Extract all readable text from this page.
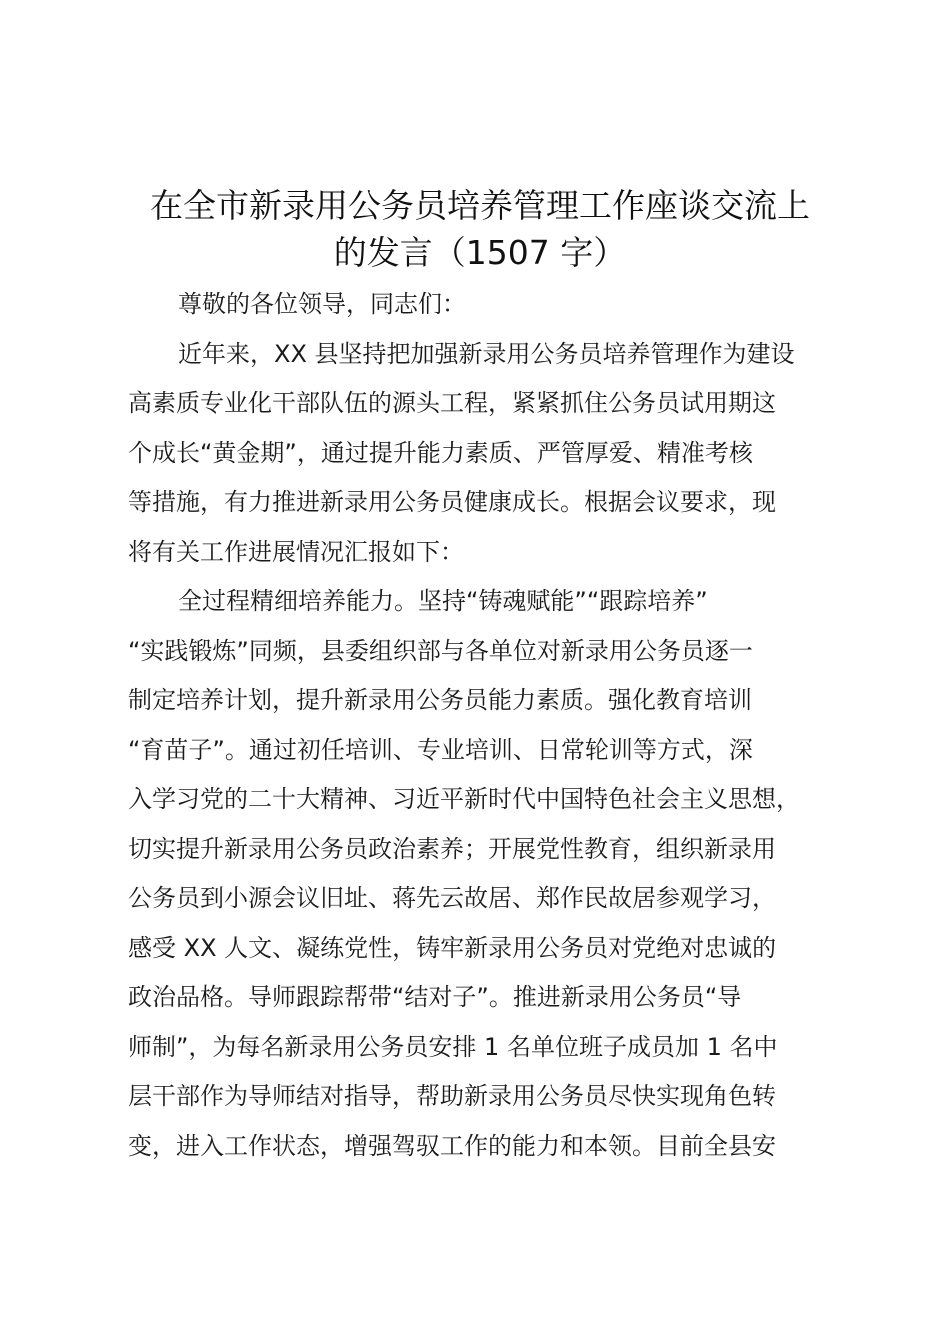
在全市新录用公务员培养管理工作座谈交流上
的发言（1507 字）
尊敬的各位领导，同志们：
近年来，XX 县坚持把加强新录用公务员培养管理作为建设
高素质专业化干部队伍的源头工程，紧紧抓住公务员试用期这
个成长“黄金期”，通过提升能力素质、严管厚爱、精准考核
等措施，有力推进新录用公务员健康成长。根据会议要求，现
将有关工作进展情况汇报如下：
全过程精细培养能力。坚持“铸魂赋能”“跟踪培养”
“实践锻炼”同频，县委组织部与各单位对新录用公务员逐一
制定培养计划，提升新录用公务员能力素质。强化教育培训
“育苗子”。通过初任培训、专业培训、日常轮训等方式，深
入学习党的二十大精神、习近平新时代中国特色社会主义思想，
切实提升新录用公务员政治素养；开展党性教育，组织新录用
公务员到小源会议旧址、蒋先云故居、郑作民故居参观学习，
感受 XX 人文、凝练党性，铸牢新录用公务员对党绝对忠诚的
政治品格。导师跟踪帮带“结对子”。推进新录用公务员“导
师制”，为每名新录用公务员安排 1 名单位班子成员加 1 名中
层干部作为导师结对指导，帮助新录用公务员尽快实现角色转
变，进入工作状态，增强驾驭工作的能力和本领。目前全县安
